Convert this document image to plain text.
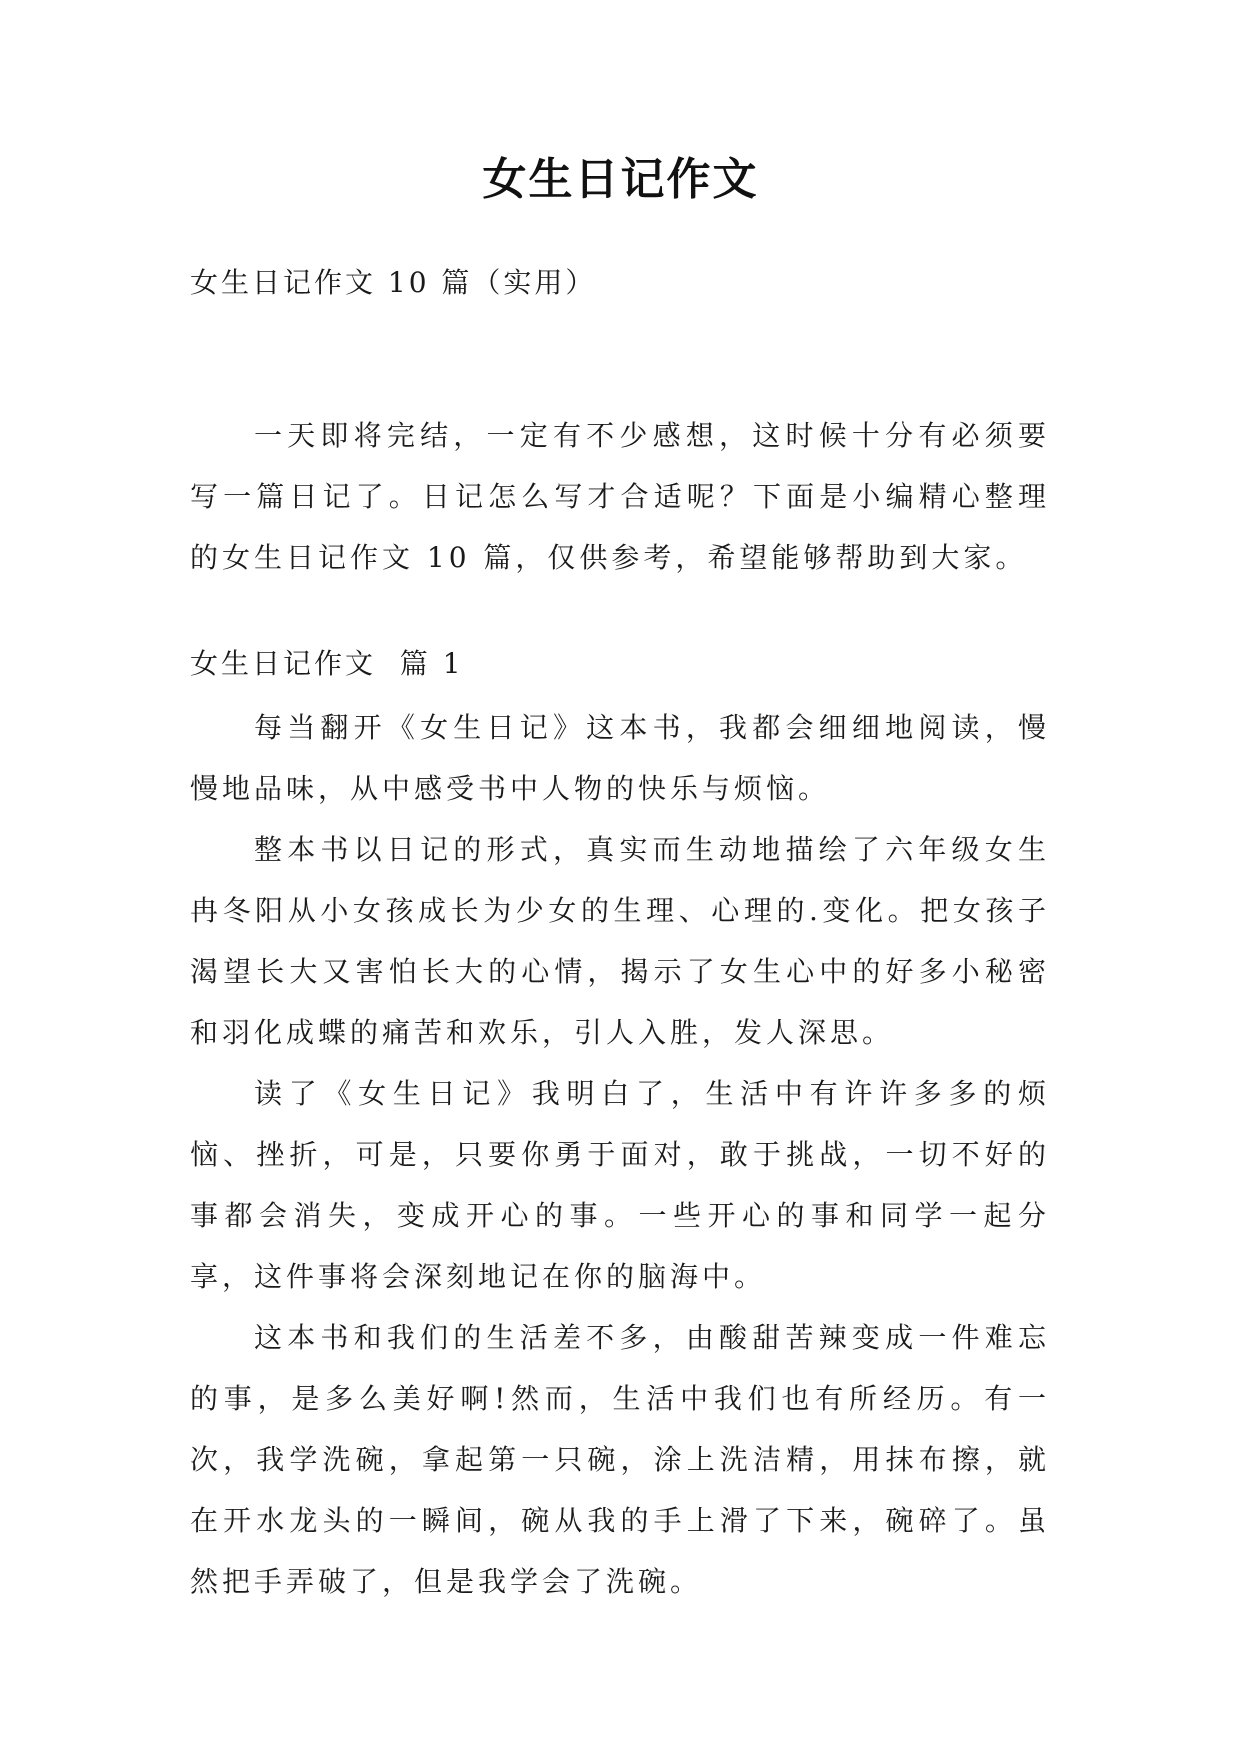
女生日记作文
女生日记作文 10 篇（实用）

一天即将完结，一定有不少感想，这时候十分有必须要写一篇日记了。日记怎么写才合适呢？下面是小编精心整理的女生日记作文 10 篇，仅供参考，希望能够帮助到大家。

女生日记作文  篇 1

每当翻开《女生日记》这本书，我都会细细地阅读，慢慢地品味，从中感受书中人物的快乐与烦恼。

整本书以日记的形式，真实而生动地描绘了六年级女生冉冬阳从小女孩成长为少女的生理、心理的.变化。把女孩子渴望长大又害怕长大的心情，揭示了女生心中的好多小秘密和羽化成蝶的痛苦和欢乐，引人入胜，发人深思。

读了《女生日记》我明白了，生活中有许许多多的烦恼、挫折，可是，只要你勇于面对，敢于挑战，一切不好的事都会消失，变成开心的事。一些开心的事和同学一起分享，这件事将会深刻地记在你的脑海中。

这本书和我们的生活差不多，由酸甜苦辣变成一件难忘的事，是多么美好啊!然而，生活中我们也有所经历。有一次，我学洗碗，拿起第一只碗，涂上洗洁精，用抹布擦，就在开水龙头的一瞬间，碗从我的手上滑了下来，碗碎了。虽然把手弄破了，但是我学会了洗碗。
